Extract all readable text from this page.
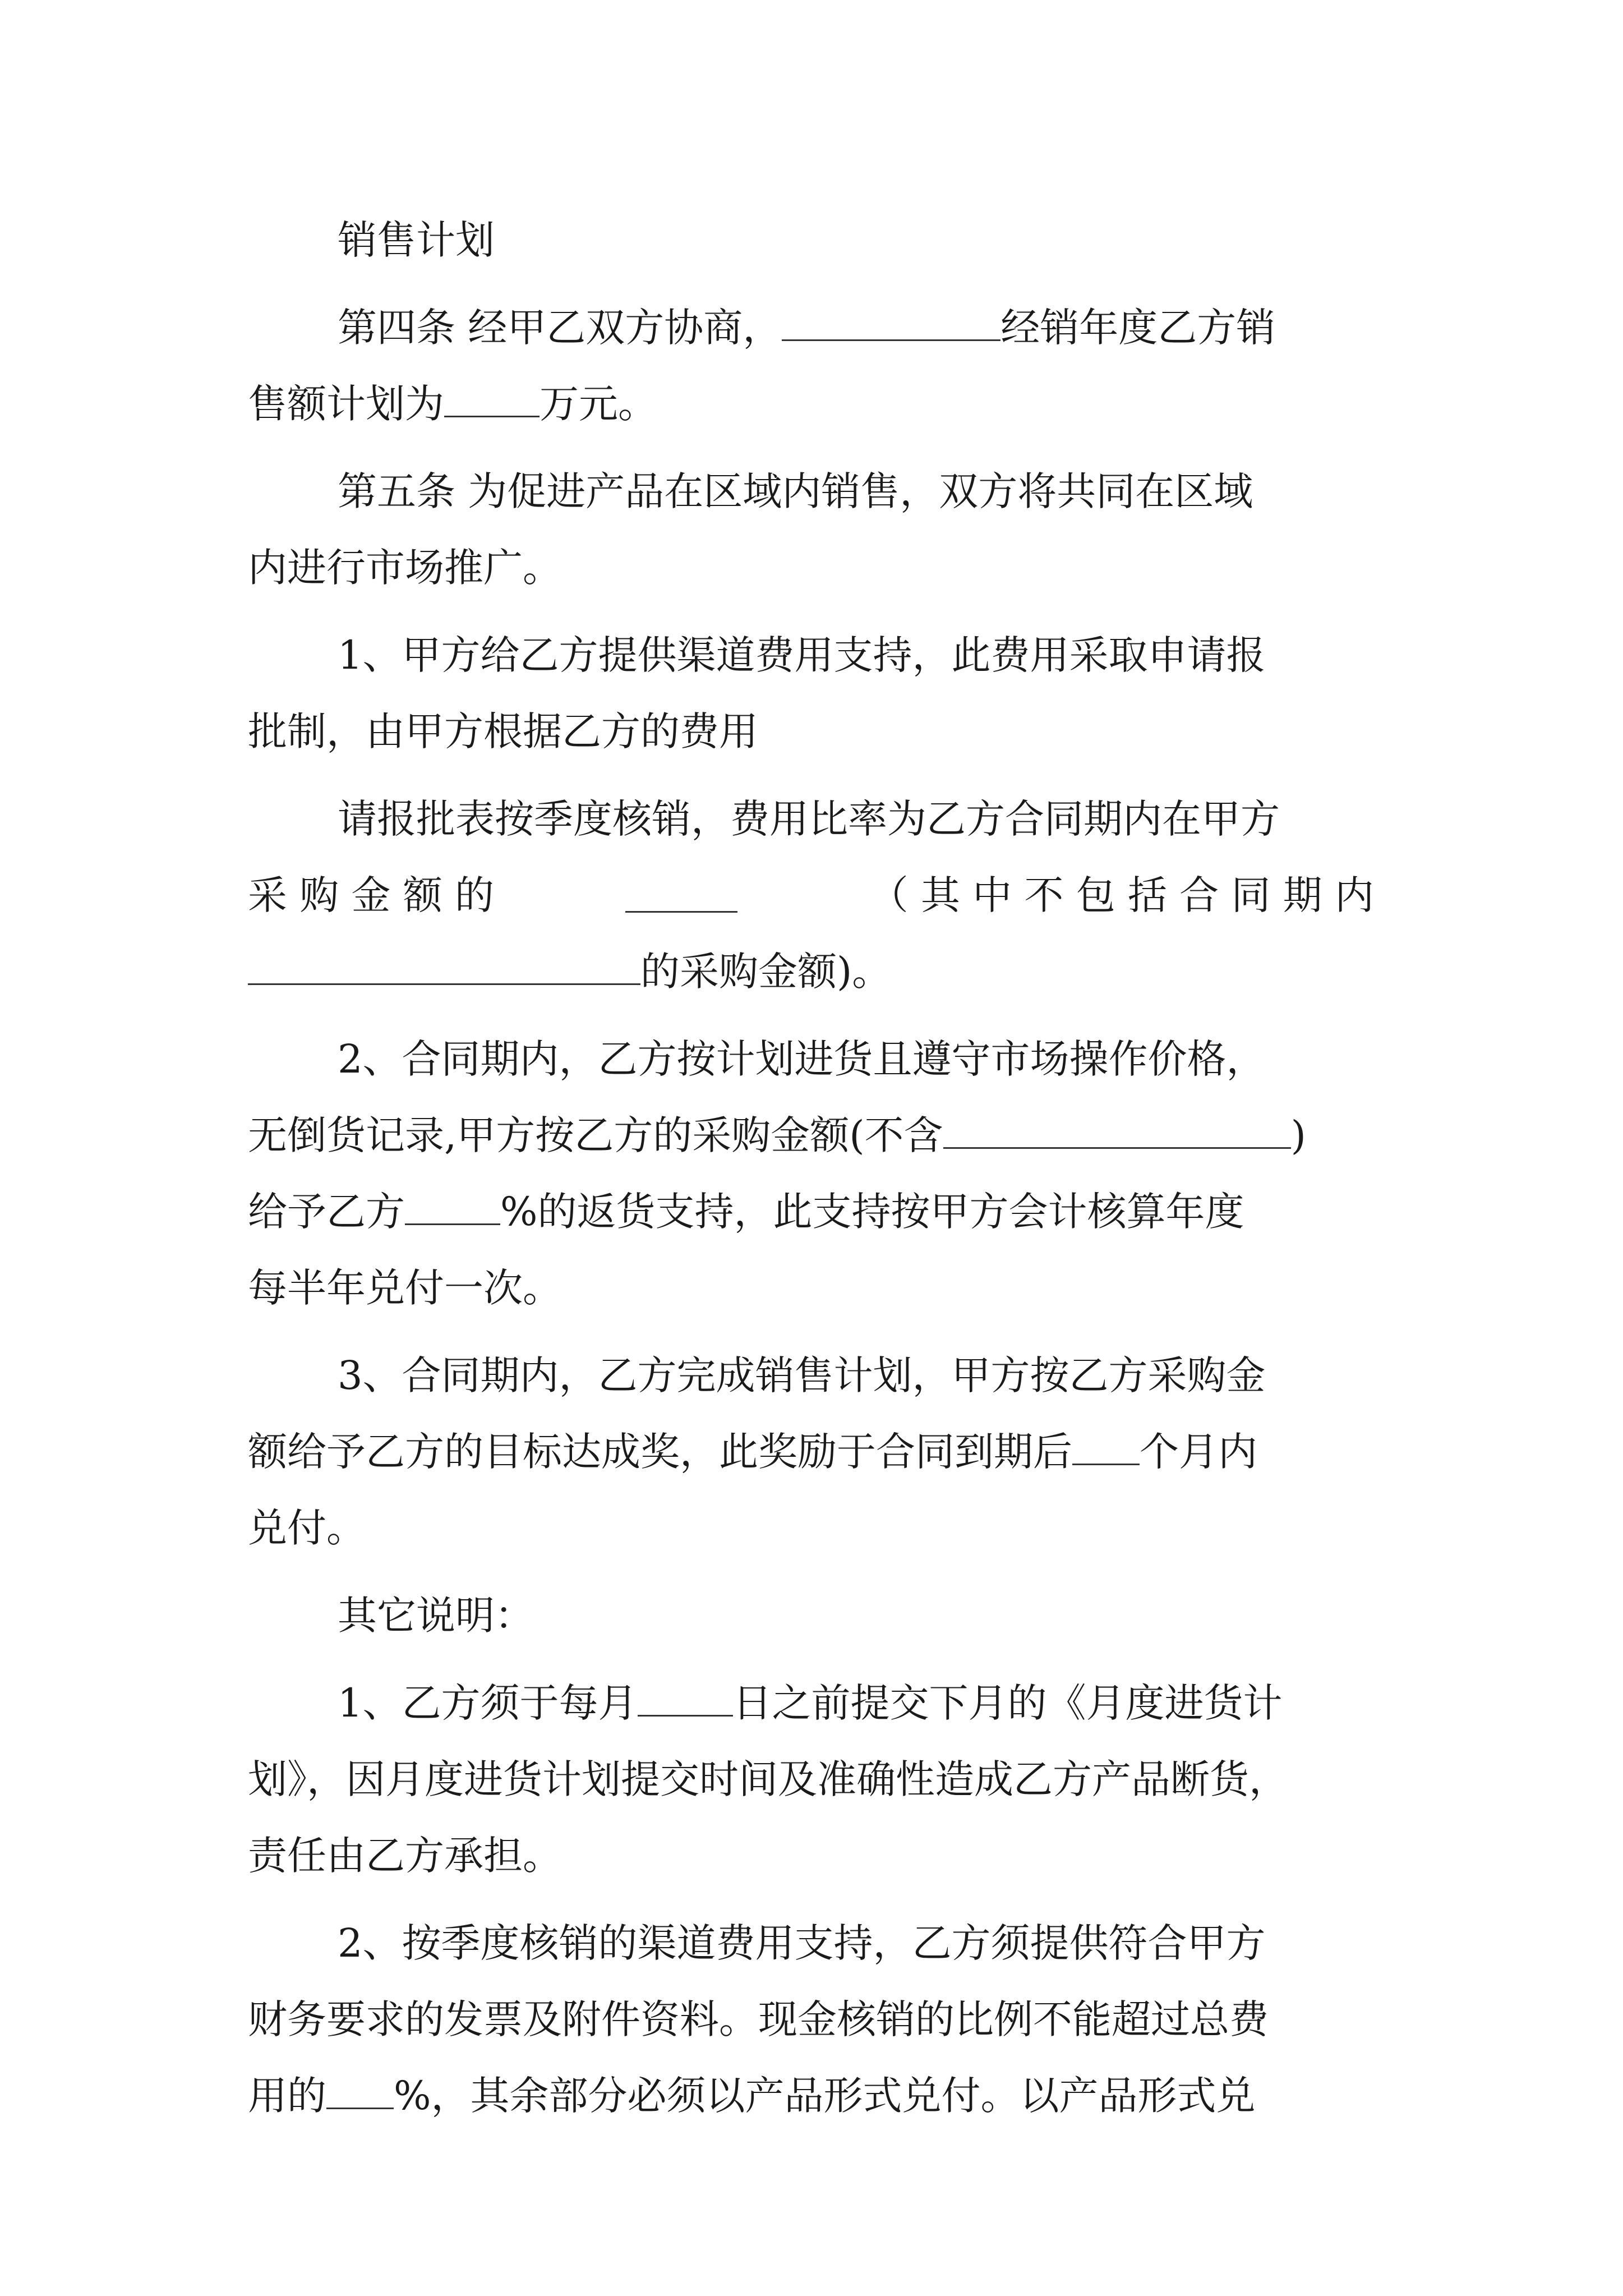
销售计划
第四条 经甲乙双方协商，	经销年度乙方销
售额计划为 万元。
第五条 为促进产品在区域内销售，双方将共同在区域
内进行市场推广。
1、甲方给乙方提供渠道费用支持，此费用采取申请报
批制，由甲方根据乙方的费用
请报批表按季度核销，费用比率为乙方合同期内在甲方
采 购 金 额 的	（ 其 中 不 包 括 合 同 期 内
的采购金额)。
2、合同期内，乙方按计划进货且遵守市场操作价格，
无倒货记录,甲方按乙方的采购金额(不含	)
给予乙方 %的返货支持，此支持按甲方会计核算年度
每半年兑付一次。
3、合同期内，乙方完成销售计划，甲方按乙方采购金
额给予乙方的目标达成奖，此奖励于合同到期后 个月内
兑付。
其它说明：
1、乙方须于每月 日之前提交下月的《月度进货计
划》，因月度进货计划提交时间及准确性造成乙方产品断货，
责任由乙方承担。
2、按季度核销的渠道费用支持，乙方须提供符合甲方
财务要求的发票及附件资料。现金核销的比例不能超过总费
用的 %，其余部分必须以产品形式兑付。以产品形式兑
